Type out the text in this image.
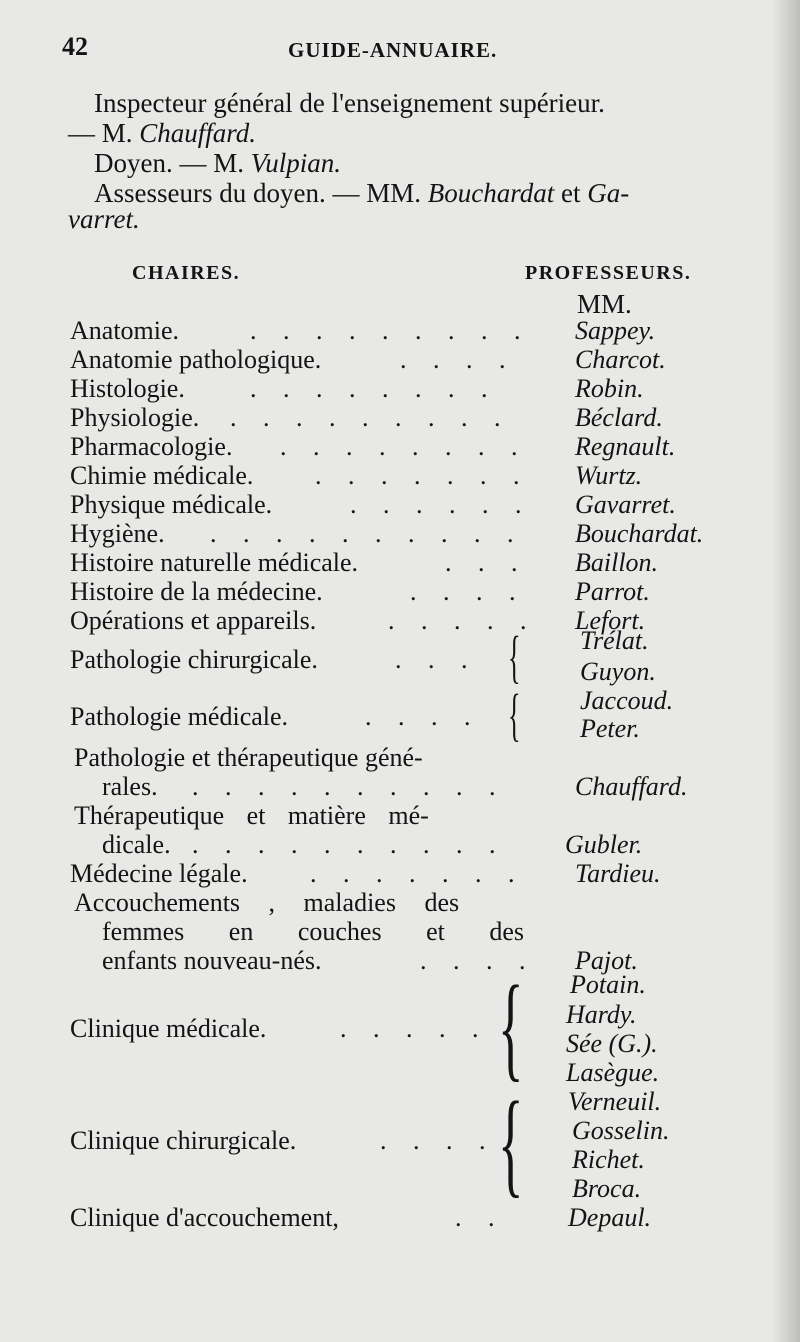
42	GUIDE-ANNUAIRE.
Inspecteur général de l'enseignement supérieur.
— M. Chauffard.
Doyen. — M. Vulpian.
Assesseurs du doyen. — MM. Bouchardat et Ga-
varret.
CHAIRES.	PROFESSEURS.
MM.
Anatomie.	. . . . . . . . . Sappey.
Anatomie pathologique.	. . . . Charcot.
Histologie.	. . . . . . . .	Robin.
Physiologie. . . . . . . . . . Béclard.
Pharmacologie. . . . . . . . . Regnault.
Chimie médicale. . . . . . . . Wurtz.
Physique médicale.	. . . . . . Gavarret.
Hygiène. . . . . . . . . . . Bouchardat.
Histoire naturelle médicale.	. . . Baillon.
Histoire de la médecine.	. . . . Parrot.
Opérations et appareils.	. . . . . Lefort.
Pathologie chirurgicale.	. . . { Trélat.
Guyon.
Pathologie médicale.	. . . . { Jaccoud.
Peter.
Pathologie et thérapeutique géné-
rales. . . . . . . . . . .	Chauffard.
Thérapeutique et matière mé-
dicale. . . . . . . . . . . Gubler.
Médecine légale. . . . . . . . Tardieu.
Accouchements , maladies des
femmes en couches et des
enfants nouveau-nés.	. . . . Pajot.
Clinique médicale.	. . . . . .
{ Potain.
Hardy.
Sée (G.).
Lasègue.
Clinique chirurgicale.	. . . . { Verneuil.
Gosselin.
Richet.
Broca.
Clinique d'accouchement,	. . Depaul.
